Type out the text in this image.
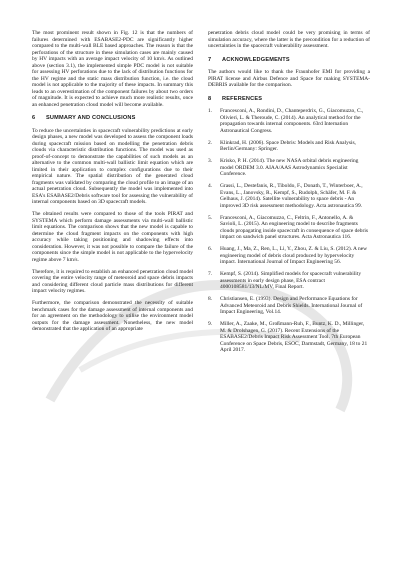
The most prominent result shown in Fig. 12 is that the numbers of failures determined with ESABASE2-PDC are significantly higher compared to the multi-wall BLE based approaches. The reason is that the perforations of the structure in these simulation cases are mainly caused by HV impacts with an average impact velocity of 10 km/s. As outlined above (section 3.1), the implemented simple PDC model is not suitable for assessing HV perforations due to the lack of distribution functions for the HV regime and the static mass distribution function, i.e. the cloud model is not applicable to the majority of these impacts. In summary this leads to an overestimation of the component failures by about two orders of magnitude. It is expected to achieve much more realistic results, once an enhanced penetration cloud model will become available.

6 SUMMARY AND CONCLUSIONS

To reduce the uncertainties in spacecraft vulnerability predictions at early design phases, a new model was developed to assess the component loads during spacecraft mission based on modelling the penetration debris clouds via characteristic distribution functions. The model was used as proof-of-concept to demonstrate the capabilities of such models as an alternative to the common multi-wall ballistic limit equation which are limited in their application to complex configurations due to their empirical nature. The spatial distribution of the generated cloud fragments was validated by comparing the cloud profile to an image of an actual penetration cloud. Subsequently the model was implemented into ESA's ESABASE2/Debris software tool for assessing the vulnerability of internal components based on 3D spacecraft models.

The obtained results were compared to those of the tools PIRAT and SYSTEMA which perform damage assessments via multi-wall ballistic limit equations. The comparison shows that the new model is capable to determine the cloud fragment impacts on the components with high accuracy while taking positioning and shadowing effects into consideration. However, it was not possible to compare the failure of the components since the simple model is not applicable to the hypervelocity regime above 7 km/s.

Therefore, it is required to establish an enhanced penetration cloud model covering the entire velocity range of meteoroid and space debris impacts and considering different cloud particle mass distributions for different impact velocity regimes.

Furthermore, the comparison demonstrated the necessity of suitable benchmark cases for the damage assessment of internal components and for an agreement on the methodology to utilise the environment model outputs for the damage assessment. Nonetheless, the new model demonstrated that the application of an appropriate

penetration debris cloud model could be very promising in terms of simulation accuracy, where the latter is the precondition for a reduction of uncertainties in the spacecraft vulnerability assessment.

7 ACKNOWLEDGEMENTS

The authors would like to thank the Fraunhofer EMI for providing a PIRAT license and Airbus Defence and Space for making SYSTEMA-DEBRIS available for the comparison.

8 REFERENCES
1. Francesconi, A., Rondini, D., Chanteperdrix, G., Giacomuzzo, C., Olivieri, L. & Theroude, C. (2014). An analytical method for the propagation towards internal components. 63rd Internation Astronautical Congress.
2. Klinkrad, H. (2006). Space Debris: Models and Risk Analysis, Berlin/Germany: Springer.
3. Krisko, P. H. (2014). The new NASA orbital debris engineering model ORDEM 3.0. AIAA/AAS Astrodynamics Specialist Conference.
4. Grassi, L., Destefanis, R., Tiboldo, F., Donath, T., Winterboer, A., Evans, L., Janovsky, R., Kempf, S., Rudolph, Schäfer, M. F. & Gelhaus, J. (2014). Satellite vulnerability to space debris - An improved 3D risk assessment methodology. Acta astronautica 99.
5. Francesconi, A., Giacomuzzo, C., Feltrin, F., Antonello, A. & Savioli, L. (2015). An engineering model to describe fragments clouds propagating inside spacecraft in consequence of space debris impact on sandwich panel structures. Acta Astronautica 116.
6. Huang, J., Ma, Z., Ren, L., Li, Y., Zhou, Z. & Liu, S. (2012). A new engineering model of debris cloud produced by hypervelocity impact. International Journal of Impact Engineering 56.
7. Kempf, S. (2014). Simplified models for spacecraft vulnerability assessments in early design phase, ESA contract 4000108581/13/NL/MV, Final Report.
8. Christiansen, E. (1993). Design and Performance Equations for Advanced Meteoroid and Debris Shields. International Journal of Impact Engineering, Vol.14.
9. Miller, A., Zaake, M., Großmann-Ruh, F., Buntz, K. D., Millinger, M. & Drolshagen, G. (2017). Recent Extensions of the ESABASE2/Debris Impact Risk Assessment Tool. 7th European Conference on Space Debris, ESOC, Darmstadt, Germany, 18 to 21 April 2017.
